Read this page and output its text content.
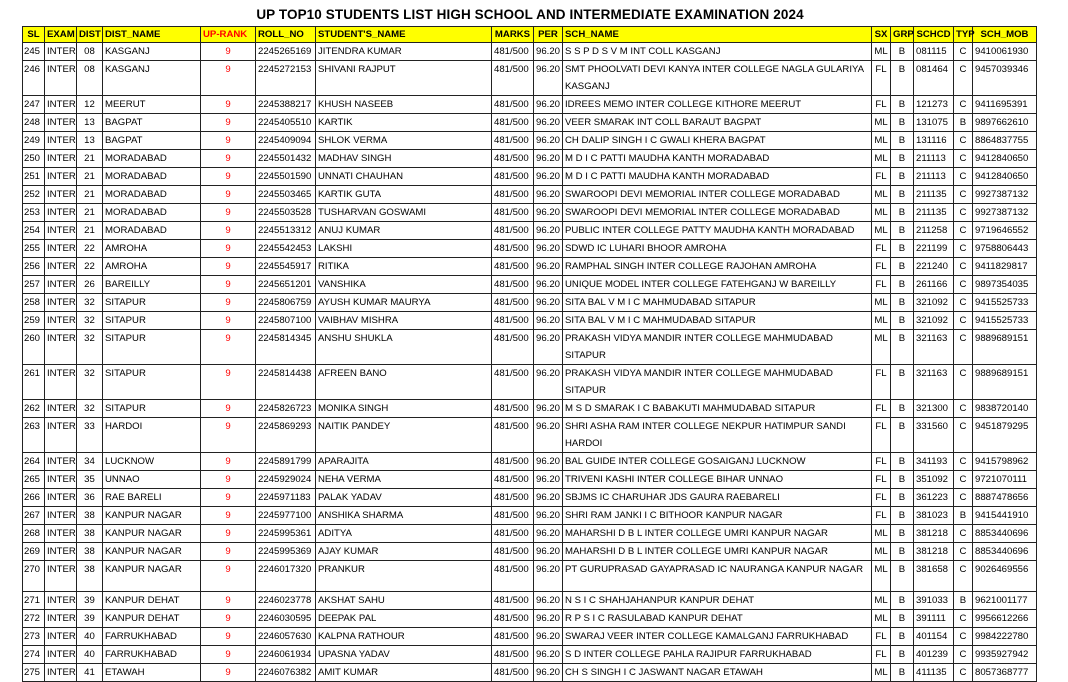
UP TOP10 STUDENTS LIST HIGH SCHOOL AND INTERMEDIATE EXAMINATION 2024
SL	EXAM	DIST	DIST_NAME	UP-RANK	ROLL_NO	STUDENT'S_NAME	MARKS	PER	SCH_NAME	SX	GRP	SCHCD	TYP	SCH_MOB
245	INTER	08	KASGANJ	9	2245265169	JITENDRA KUMAR	481/500	96.20	S S P D S V M INT COLL KASGANJ	ML	B	081115	C	9410061930
246	INTER	08	KASGANJ	9	2245272153	SHIVANI RAJPUT	481/500	96.20	SMT PHOOLVATI DEVI KANYA INTER COLLEGE NAGLA GULARIYA KASGANJ	FL	B	081464	C	9457039346
247	INTER	12	MEERUT	9	2245388217	KHUSH NASEEB	481/500	96.20	IDREES MEMO INTER COLLEGE KITHORE MEERUT	FL	B	121273	C	9411695391
248	INTER	13	BAGPAT	9	2245405510	KARTIK	481/500	96.20	VEER SMARAK INT COLL BARAUT BAGPAT	ML	B	131075	B	9897662610
249	INTER	13	BAGPAT	9	2245409094	SHLOK VERMA	481/500	96.20	CH DALIP SINGH I C GWALI KHERA BAGPAT	ML	B	131116	C	8864837755
250	INTER	21	MORADABAD	9	2245501432	MADHAV SINGH	481/500	96.20	M D I C PATTI MAUDHA KANTH MORADABAD	ML	B	211113	C	9412840650
251	INTER	21	MORADABAD	9	2245501590	UNNATI CHAUHAN	481/500	96.20	M D I C PATTI MAUDHA KANTH MORADABAD	FL	B	211113	C	9412840650
252	INTER	21	MORADABAD	9	2245503465	KARTIK GUTA	481/500	96.20	SWAROOPI DEVI MEMORIAL INTER COLLEGE MORADABAD	ML	B	211135	C	9927387132
253	INTER	21	MORADABAD	9	2245503528	TUSHARVAN GOSWAMI	481/500	96.20	SWAROOPI DEVI MEMORIAL INTER COLLEGE MORADABAD	ML	B	211135	C	9927387132
254	INTER	21	MORADABAD	9	2245513312	ANUJ KUMAR	481/500	96.20	PUBLIC INTER COLLEGE PATTY MAUDHA KANTH MORADABAD	ML	B	211258	C	9719646552
255	INTER	22	AMROHA	9	2245542453	LAKSHI	481/500	96.20	SDWD IC LUHARI BHOOR AMROHA	FL	B	221199	C	9758806443
256	INTER	22	AMROHA	9	2245545917	RITIKA	481/500	96.20	RAMPHAL SINGH INTER COLLEGE RAJOHAN AMROHA	FL	B	221240	C	9411829817
257	INTER	26	BAREILLY	9	2245651201	VANSHIKA	481/500	96.20	UNIQUE MODEL INTER COLLEGE FATEHGANJ W BAREILLY	FL	B	261166	C	9897354035
258	INTER	32	SITAPUR	9	2245806759	AYUSH KUMAR MAURYA	481/500	96.20	SITA BAL V M I C MAHMUDABAD SITAPUR	ML	B	321092	C	9415525733
259	INTER	32	SITAPUR	9	2245807100	VAIBHAV MISHRA	481/500	96.20	SITA BAL V M I C MAHMUDABAD SITAPUR	ML	B	321092	C	9415525733
260	INTER	32	SITAPUR	9	2245814345	ANSHU SHUKLA	481/500	96.20	PRAKASH VIDYA MANDIR INTER COLLEGE MAHMUDABAD SITAPUR	ML	B	321163	C	9889689151
261	INTER	32	SITAPUR	9	2245814438	AFREEN BANO	481/500	96.20	PRAKASH VIDYA MANDIR INTER COLLEGE MAHMUDABAD SITAPUR	FL	B	321163	C	9889689151
262	INTER	32	SITAPUR	9	2245826723	MONIKA SINGH	481/500	96.20	M S D SMARAK I C BABAKUTI MAHMUDABAD SITAPUR	FL	B	321300	C	9838720140
263	INTER	33	HARDOI	9	2245869293	NAITIK PANDEY	481/500	96.20	SHRI ASHA RAM INTER COLLEGE NEKPUR HATIMPUR SANDI HARDOI	FL	B	331560	C	9451879295
264	INTER	34	LUCKNOW	9	2245891799	APARAJITA	481/500	96.20	BAL GUIDE INTER COLLEGE GOSAIGANJ LUCKNOW	FL	B	341193	C	9415798962
265	INTER	35	UNNAO	9	2245929024	NEHA VERMA	481/500	96.20	TRIVENI KASHI INTER COLLEGE BIHAR UNNAO	FL	B	351092	C	9721070111
266	INTER	36	RAE BARELI	9	2245971183	PALAK YADAV	481/500	96.20	SBJMS IC CHARUHAR JDS GAURA RAEBARELI	FL	B	361223	C	8887478656
267	INTER	38	KANPUR NAGAR	9	2245977100	ANSHIKA SHARMA	481/500	96.20	SHRI RAM JANKI I C BITHOOR KANPUR NAGAR	FL	B	381023	B	9415441910
268	INTER	38	KANPUR NAGAR	9	2245995361	ADITYA	481/500	96.20	MAHARSHI D B L INTER COLLEGE UMRI KANPUR NAGAR	ML	B	381218	C	8853440696
269	INTER	38	KANPUR NAGAR	9	2245995369	AJAY KUMAR	481/500	96.20	MAHARSHI D B L INTER COLLEGE UMRI KANPUR NAGAR	ML	B	381218	C	8853440696
270	INTER	38	KANPUR NAGAR	9	2246017320	PRANKUR	481/500	96.20	PT GURUPRASAD GAYAPRASAD IC NAURANGA KANPUR NAGAR	ML	B	381658	C	9026469556
271	INTER	39	KANPUR DEHAT	9	2246023778	AKSHAT SAHU	481/500	96.20	N S I C SHAHJAHANPUR KANPUR DEHAT	ML	B	391033	B	9621001177
272	INTER	39	KANPUR DEHAT	9	2246030595	DEEPAK PAL	481/500	96.20	R P S I C RASULABAD KANPUR DEHAT	ML	B	391111	C	9956612266
273	INTER	40	FARRUKHABAD	9	2246057630	KALPNA RATHOUR	481/500	96.20	SWARAJ VEER INTER COLLEGE KAMALGANJ FARRUKHABAD	FL	B	401154	C	9984222780
274	INTER	40	FARRUKHABAD	9	2246061934	UPASNA YADAV	481/500	96.20	S D INTER COLLEGE PAHLA RAJIPUR FARRUKHABAD	FL	B	401239	C	9935927942
275	INTER	41	ETAWAH	9	2246076382	AMIT KUMAR	481/500	96.20	CH S SINGH I C JASWANT NAGAR ETAWAH	ML	B	411135	C	8057368777
